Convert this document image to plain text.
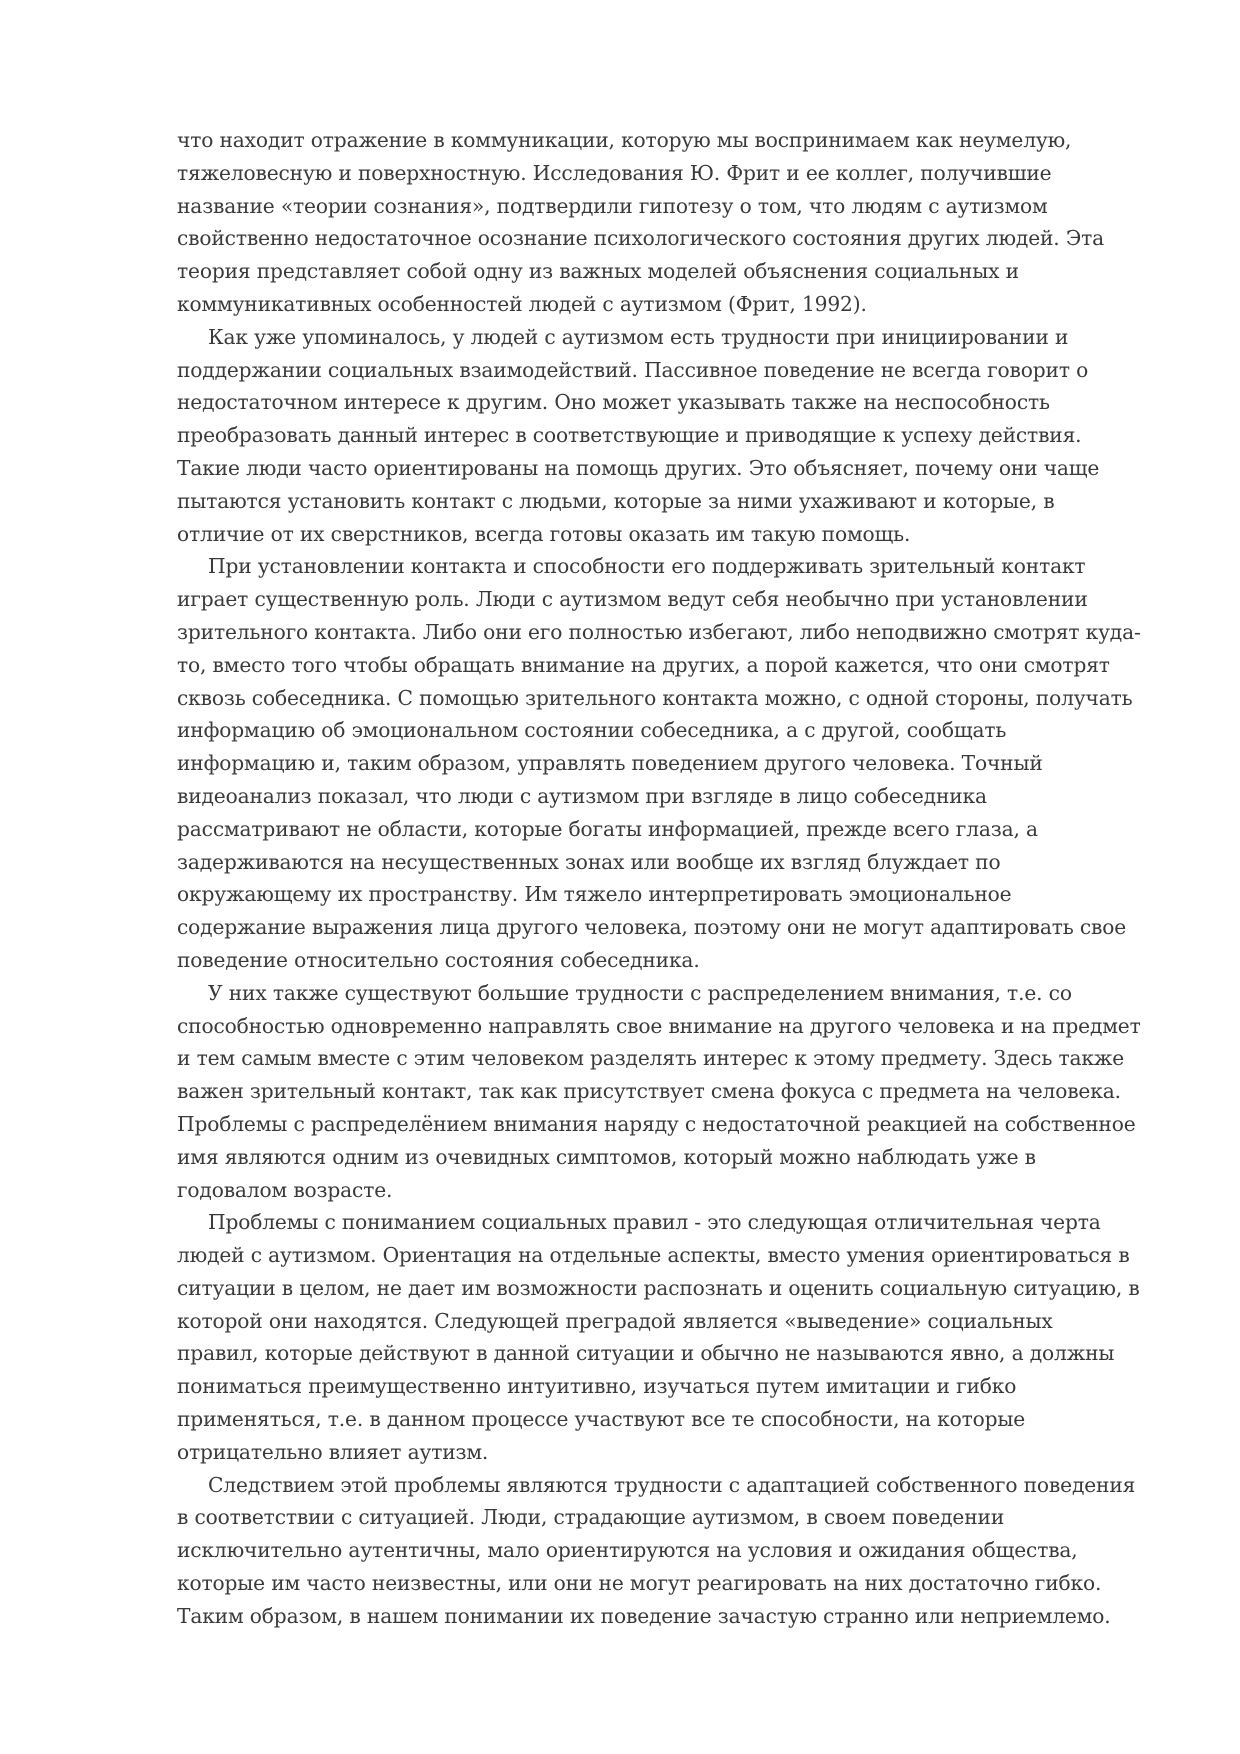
что находит отражение в коммуникации, которую мы воспринимаем как неумелую,
тяжеловесную и поверхностную. Исследования Ю. Фрит и ее коллег, получившие
название «теории сознания», подтвердили гипотезу о том, что людям с аутизмом
свойственно недостаточное осознание психологического состояния других людей. Эта
теория представляет собой одну из важных моделей объяснения социальных и
коммуникативных особенностей людей с аутизмом (Фрит, 1992).
Как уже упоминалось, у людей с аутизмом есть трудности при инициировании и
поддержании социальных взаимодействий. Пассивное поведение не всегда говорит о
недостаточном интересе к другим. Оно может указывать также на неспособность
преобразовать данный интерес в соответствующие и приводящие к успеху действия.
Такие люди часто ориентированы на помощь других. Это объясняет, почему они чаще
пытаются установить контакт с людьми, которые за ними ухаживают и которые, в
отличие от их сверстников, всегда готовы оказать им такую помощь.
При установлении контакта и способности его поддерживать зрительный контакт
играет существенную роль. Люди с аутизмом ведут себя необычно при установлении
зрительного контакта. Либо они его полностью избегают, либо неподвижно смотрят куда-
то, вместо того чтобы обращать внимание на других, а порой кажется, что они смотрят
сквозь собеседника. С помощью зрительного контакта можно, с одной стороны, получать
информацию об эмоциональном состоянии собеседника, а с другой, сообщать
информацию и, таким образом, управлять поведением другого человека. Точный
видеоанализ показал, что люди с аутизмом при взгляде в лицо собеседника
рассматривают не области, которые богаты информацией, прежде всего глаза, а
задерживаются на несущественных зонах или вообще их взгляд блуждает по
окружающему их пространству. Им тяжело интерпретировать эмоциональное
содержание выражения лица другого человека, поэтому они не могут адаптировать свое
поведение относительно состояния собеседника.
У них также существуют большие трудности с распределением внимания, т.е. со
способностью одновременно направлять свое внимание на другого человека и на предмет
и тем самым вместе с этим человеком разделять интерес к этому предмету. Здесь также
важен зрительный контакт, так как присутствует смена фокуса с предмета на человека.
Проблемы с распределёнием внимания наряду с недостаточной реакцией на собственное
имя являются одним из очевидных симптомов, который можно наблюдать уже в
годовалом возрасте.
Проблемы с пониманием социальных правил - это следующая отличительная черта
людей с аутизмом. Ориентация на отдельные аспекты, вместо умения ориентироваться в
ситуации в целом, не дает им возможности распознать и оценить социальную ситуацию, в
которой они находятся. Следующей преградой является «выведение» социальных
правил, которые действуют в данной ситуации и обычно не называются явно, а должны
пониматься преимущественно интуитивно, изучаться путем имитации и гибко
применяться, т.е. в данном процессе участвуют все те способности, на которые
отрицательно влияет аутизм.
Следствием этой проблемы являются трудности с адаптацией собственного поведения
в соответствии с ситуацией. Люди, страдающие аутизмом, в своем поведении
исключительно аутентичны, мало ориентируются на условия и ожидания общества,
которые им часто неизвестны, или они не могут реагировать на них достаточно гибко.
Таким образом, в нашем понимании их поведение зачастую странно или неприемлемо.
